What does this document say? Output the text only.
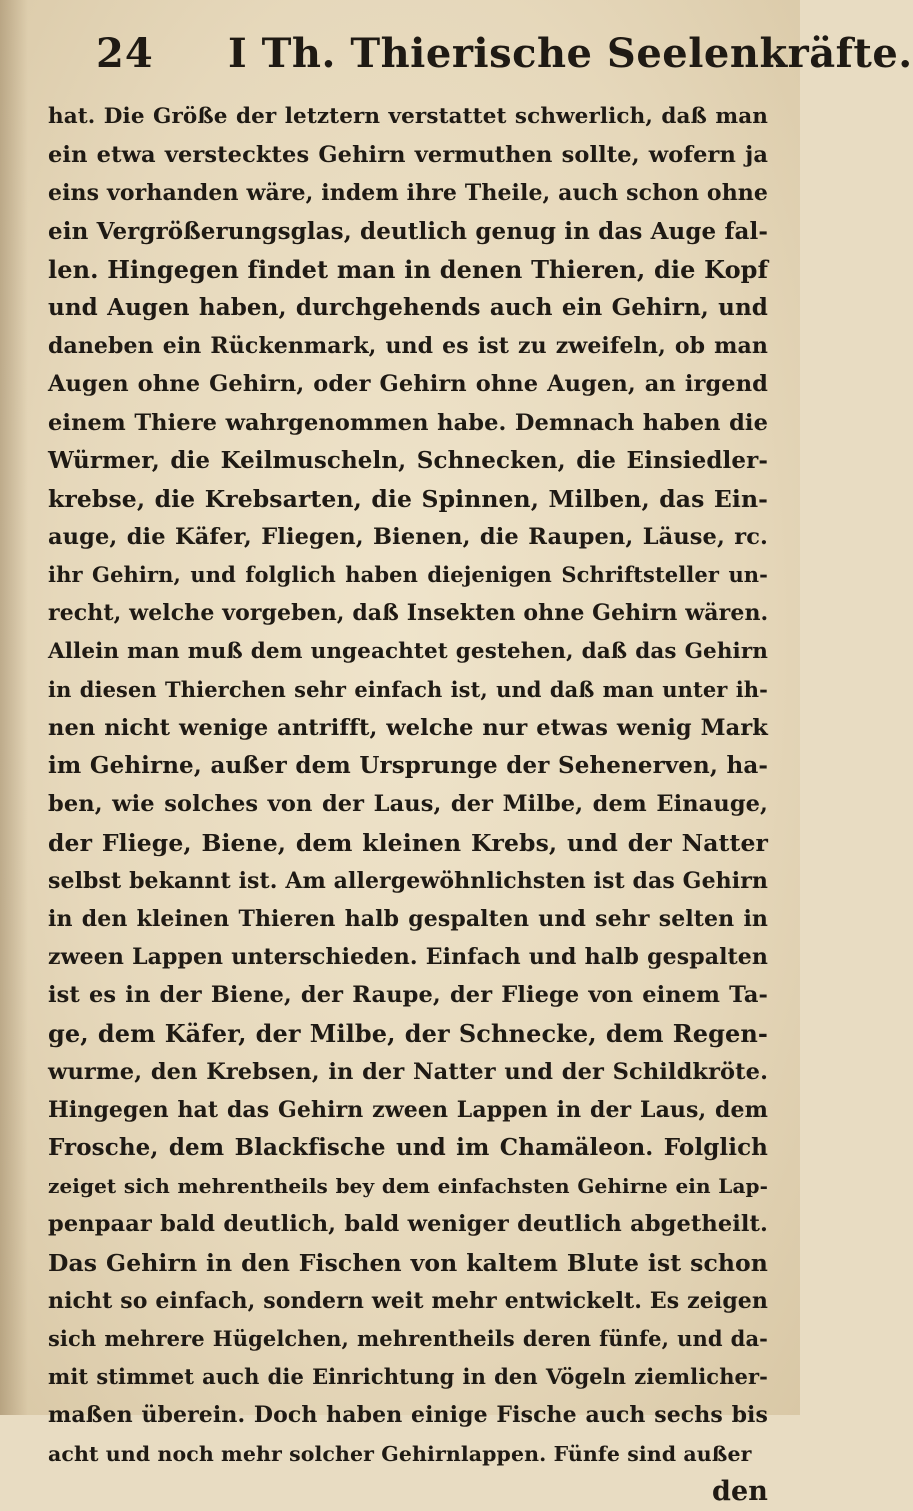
24 I Th. Thierische Seelenkräfte.
hat. Die Größe der letztern verstattet schwerlich, daß man
ein etwa verstecktes Gehirn vermuthen sollte, wofern ja
eins vorhanden wäre, indem ihre Theile, auch schon ohne
ein Vergrößerungsglas, deutlich genug in das Auge fal-
len. Hingegen findet man in denen Thieren, die Kopf
und Augen haben, durchgehends auch ein Gehirn, und
daneben ein Rückenmark, und es ist zu zweifeln, ob man
Augen ohne Gehirn, oder Gehirn ohne Augen, an irgend
einem Thiere wahrgenommen habe. Demnach haben die
Würmer, die Keilmuscheln, Schnecken, die Einsiedler-
krebse, die Krebsarten, die Spinnen, Milben, das Ein-
auge, die Käfer, Fliegen, Bienen, die Raupen, Läuse, rc.
ihr Gehirn, und folglich haben diejenigen Schriftsteller un-
recht, welche vorgeben, daß Insekten ohne Gehirn wären.
Allein man muß dem ungeachtet gestehen, daß das Gehirn
in diesen Thierchen sehr einfach ist, und daß man unter ih-
nen nicht wenige antrifft, welche nur etwas wenig Mark
im Gehirne, außer dem Ursprunge der Sehenerven, ha-
ben, wie solches von der Laus, der Milbe, dem Einauge,
der Fliege, Biene, dem kleinen Krebs, und der Natter
selbst bekannt ist. Am allergewöhnlichsten ist das Gehirn
in den kleinen Thieren halb gespalten und sehr selten in
zween Lappen unterschieden. Einfach und halb gespalten
ist es in der Biene, der Raupe, der Fliege von einem Ta-
ge, dem Käfer, der Milbe, der Schnecke, dem Regen-
wurme, den Krebsen, in der Natter und der Schildkröte.
Hingegen hat das Gehirn zween Lappen in der Laus, dem
Frosche, dem Blackfische und im Chamäleon. Folglich
zeiget sich mehrentheils bey dem einfachsten Gehirne ein Lap-
penpaar bald deutlich, bald weniger deutlich abgetheilt.
Das Gehirn in den Fischen von kaltem Blute ist schon
nicht so einfach, sondern weit mehr entwickelt. Es zeigen
sich mehrere Hügelchen, mehrentheils deren fünfe, und da-
mit stimmet auch die Einrichtung in den Vögeln ziemlicher-
maßen überein. Doch haben einige Fische auch sechs bis
acht und noch mehr solcher Gehirnlappen. Fünfe sind außer
den
